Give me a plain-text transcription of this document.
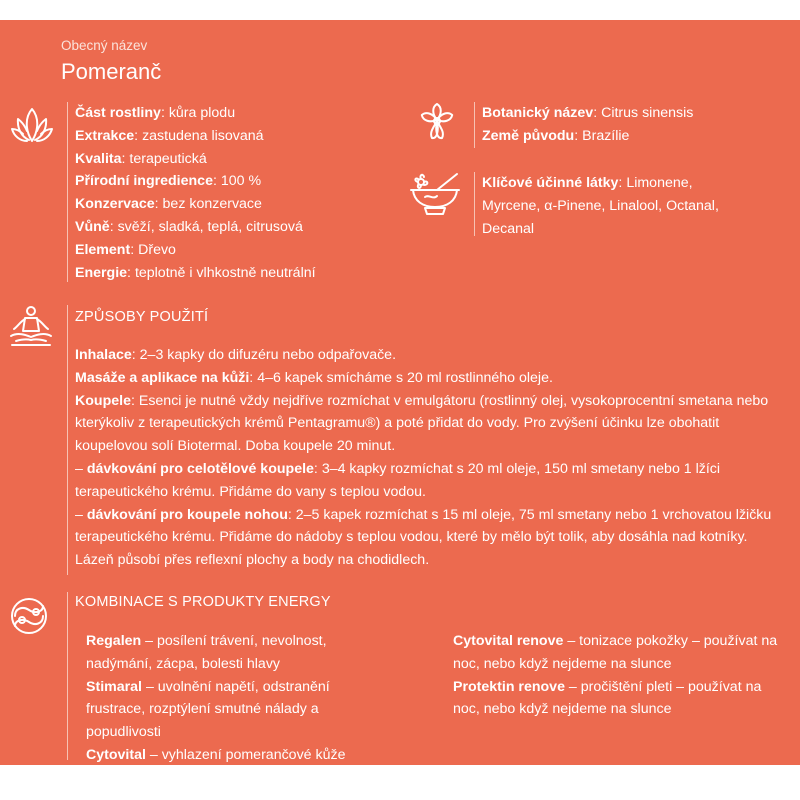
Obecný název
Pomeranč
Část rostliny: kůra plodu
Extrakce: zastudena lisovaná
Kvalita: terapeutická
Přírodní ingredience: 100 %
Konzervace: bez konzervace
Vůně: svěží, sladká, teplá, citrusová
Element: Dřevo
Energie: teplotně i vlhkostně neutrální
Botanický název: Citrus sinensis
Země původu: Brazílie
Klíčové účinné látky: Limonene,
Myrcene, α-Pinene, Linalool, Octanal,
Decanal
ZPŮSOBY POUŽITÍ

Inhalace: 2–3 kapky do difuzéru nebo odpařovače.

Masáže a aplikace na kůži: 4–6 kapek smícháme s 20 ml rostlinného oleje.

Koupele: Esenci je nutné vždy nejdříve rozmíchat v emulgátoru (rostlinný olej, vysokoprocentní smetana nebo kterýkoliv z terapeutických krémů Pentagramu®) a poté přidat do vody. Pro zvýšení účinku lze obohatit koupelovou solí Biotermal. Doba koupele 20 minut.

– dávkování pro celotělové koupele: 3–4 kapky rozmíchat s 20 ml oleje, 150 ml smetany nebo 1 lžíci terapeutického krému. Přidáme do vany s teplou vodou.

– dávkování pro koupele nohou: 2–5 kapek rozmíchat s 15 ml oleje, 75 ml smetany nebo 1 vrchovatou lžičku terapeutického krému. Přidáme do nádoby s teplou vodou, které by mělo být tolik, aby dosáhla nad kotníky. Lázeň působí přes reflexní plochy a body na chodidlech.

KOMBINACE S PRODUKTY ENERGY

Regalen – posílení trávení, nevolnost, nadýmání, zácpa, bolesti hlavy

Stimaral – uvolnění napětí, odstranění frustrace, rozptýlení smutné nálady a popudlivosti

Cytovital – vyhlazení pomerančové kůže

Cytovital renove – tonizace pokožky – používat na noc, nebo když nejdeme na slunce

Protektin renove – pročištění pleti – používat na noc, nebo když nejdeme na slunce
